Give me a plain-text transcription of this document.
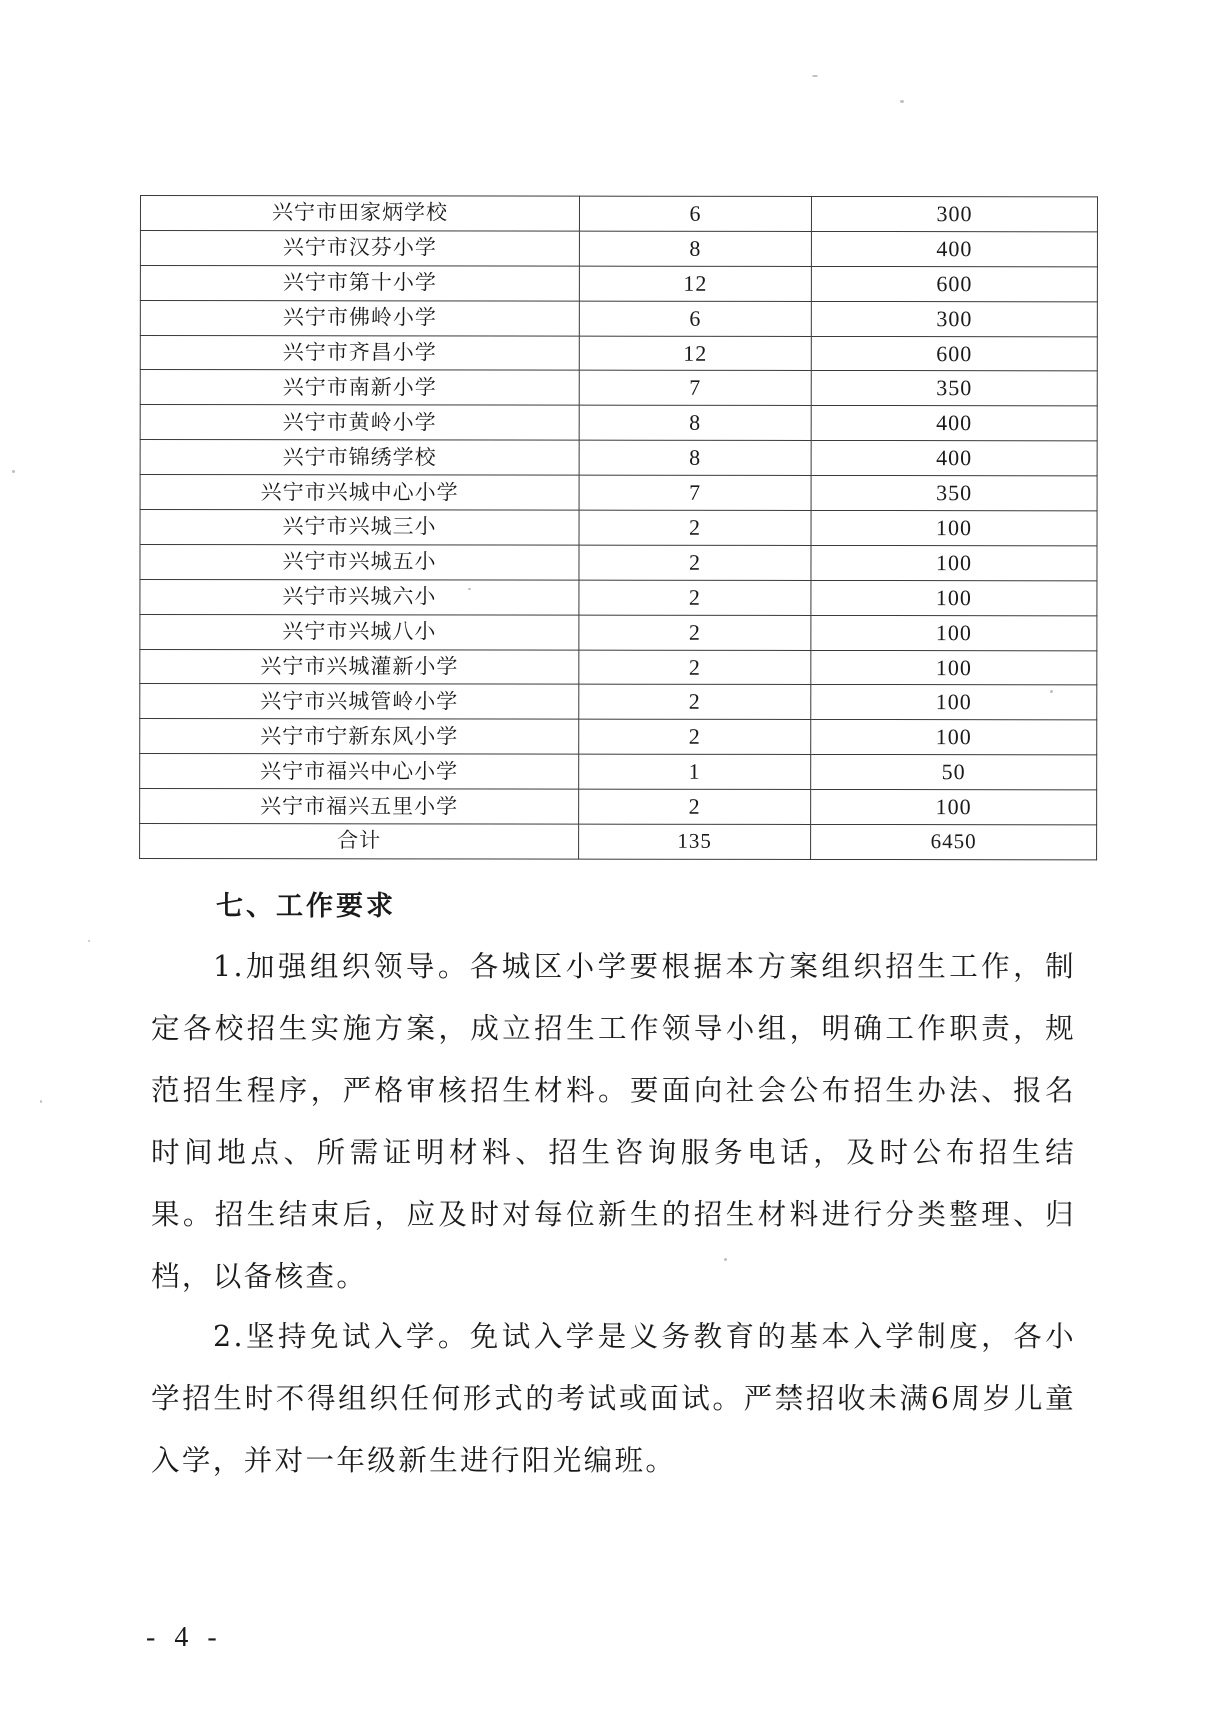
兴宁市田家炳学校	6	300
兴宁市汉芬小学	8	400
兴宁市第十小学	12	600
兴宁市佛岭小学	6	300
兴宁市齐昌小学	12	600
兴宁市南新小学	7	350
兴宁市黄岭小学	8	400
兴宁市锦绣学校	8	400
兴宁市兴城中心小学	7	350
兴宁市兴城三小	2	100
兴宁市兴城五小	2	100
兴宁市兴城六小	2	100
兴宁市兴城八小	2	100
兴宁市兴城灌新小学	2	100
兴宁市兴城管岭小学	2	100
兴宁市宁新东风小学	2	100
兴宁市福兴中心小学	1	50
兴宁市福兴五里小学	2	100
合计	135	6450
七、工作要求

1.加强组织领导。各城区小学要根据本方案组织招生工作，制定各校招生实施方案，成立招生工作领导小组，明确工作职责，规范招生程序，严格审核招生材料。要面向社会公布招生办法、报名时间地点、所需证明材料、招生咨询服务电话，及时公布招生结果。招生结束后，应及时对每位新生的招生材料进行分类整理、归档，以备核查。

2.坚持免试入学。免试入学是义务教育的基本入学制度，各小学招生时不得组织任何形式的考试或面试。严禁招收未满6周岁儿童入学，并对一年级新生进行阳光编班。

- 4 -
